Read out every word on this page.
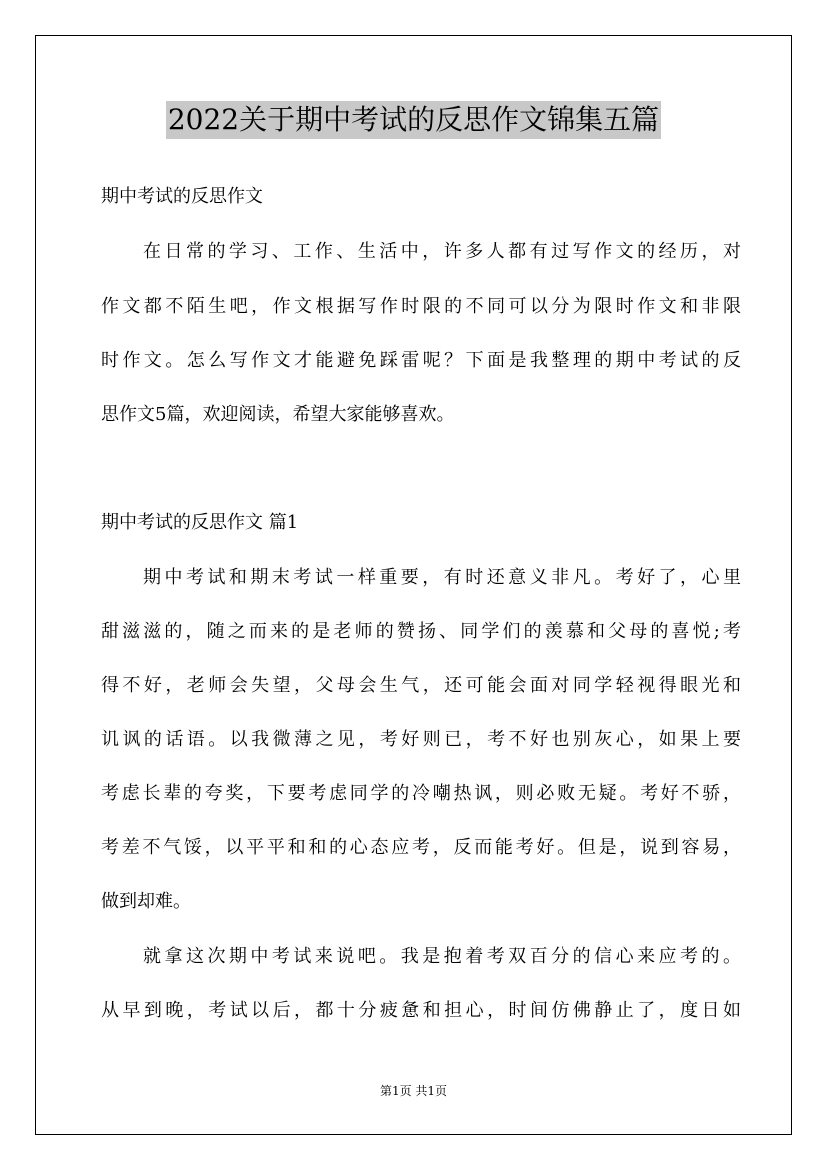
2022关于期中考试的反思作文锦集五篇
期中考试的反思作文
在日常的学习、工作、生活中，许多人都有过写作文的经历，对
作文都不陌生吧，作文根据写作时限的不同可以分为限时作文和非限
时作文。怎么写作文才能避免踩雷呢？下面是我整理的期中考试的反
思作文5篇，欢迎阅读，希望大家能够喜欢。
期中考试的反思作文 篇1
期中考试和期末考试一样重要，有时还意义非凡。考好了，心里
甜滋滋的，随之而来的是老师的赞扬、同学们的羡慕和父母的喜悦;考
得不好，老师会失望，父母会生气，还可能会面对同学轻视得眼光和
讥讽的话语。以我微薄之见，考好则已，考不好也别灰心，如果上要
考虑长辈的夸奖，下要考虑同学的冷嘲热讽，则必败无疑。考好不骄，
考差不气馁，以平平和和的心态应考，反而能考好。但是，说到容易，
做到却难。
就拿这次期中考试来说吧。我是抱着考双百分的信心来应考的。
从早到晚，考试以后，都十分疲惫和担心，时间仿佛静止了，度日如
第1页 共1页
